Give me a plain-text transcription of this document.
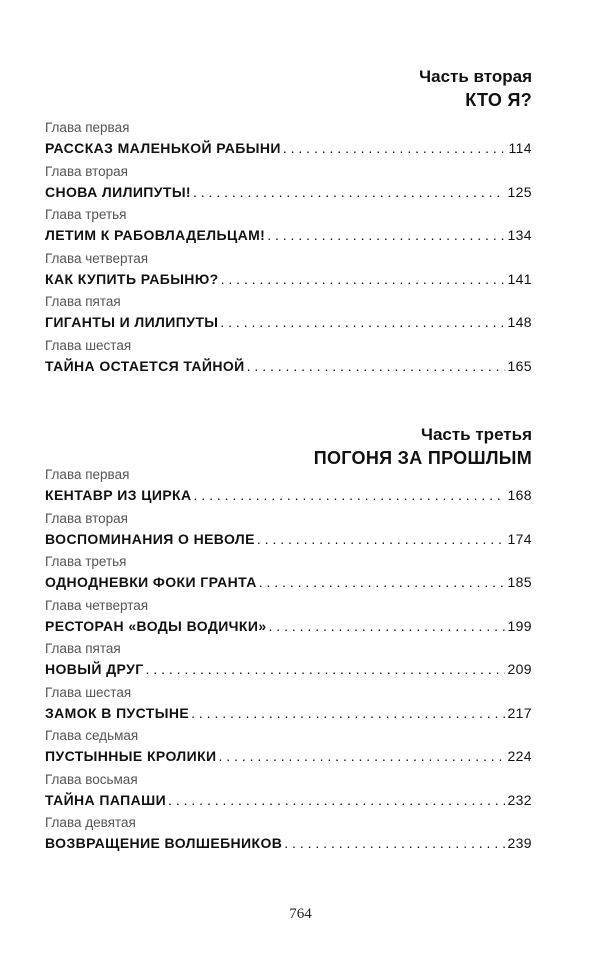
Часть вторая
КТО Я?
Глава первая
РАССКАЗ МАЛЕНЬКОЙ РАБЫНИ . . .	114
Глава вторая
СНОВА ЛИЛИПУТЫ! . . .	125
Глава третья
ЛЕТИМ К РАБОВЛАДЕЛЬЦАМ! . . .	134
Глава четвертая
КАК КУПИТЬ РАБЫНЮ? . . .	141
Глава пятая
ГИГАНТЫ И ЛИЛИПУТЫ . . .	148
Глава шестая
ТАЙНА ОСТАЕТСЯ ТАЙНОЙ . . .	165
Часть третья
ПОГОНЯ ЗА ПРОШЛЫМ
Глава первая
КЕНТАВР ИЗ ЦИРКА . . .	168
Глава вторая
ВОСПОМИНАНИЯ О НЕВОЛЕ . . .	174
Глава третья
ОДНОДНЕВКИ ФОКИ ГРАНТА . . .	185
Глава четвертая
РЕСТОРАН «ВОДЫ ВОДИЧКИ» . . .	199
Глава пятая
НОВЫЙ ДРУГ . . .	209
Глава шестая
ЗАМОК В ПУСТЫНЕ . . .	217
Глава седьмая
ПУСТЫННЫЕ КРОЛИКИ . . .	224
Глава восьмая
ТАЙНА ПАПАШИ . . .	232
Глава девятая
ВОЗВРАЩЕНИЕ ВОЛШЕБНИКОВ . . .	239
764
